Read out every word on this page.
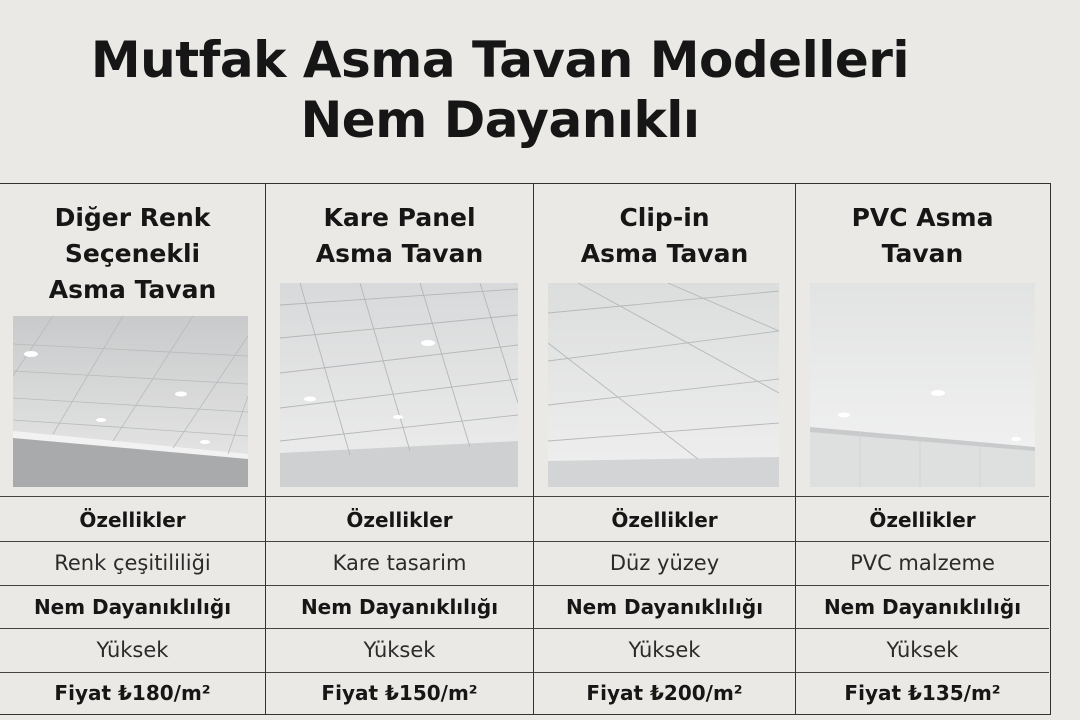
Mutfak Asma Tavan Modelleri
Nem Dayanıklı
Diğer Renk
Seçenekli
Asma Tavan
Özellikler
Renk çeşitililiği
Nem Dayanıklılığı
Yüksek
Fiyat ₺180/m²
Kare Panel
Asma Tavan
Özellikler
Kare tasarim
Nem Dayanıklılığı
Yüksek
Fiyat ₺150/m²
Clip-in
Asma Tavan
Özellikler
Düz yüzey
Nem Dayanıklılığı
Yüksek
Fiyat ₺200/m²
PVC Asma
Tavan
Özellikler
PVC malzeme
Nem Dayanıklılığı
Yüksek
Fiyat ₺135/m²
